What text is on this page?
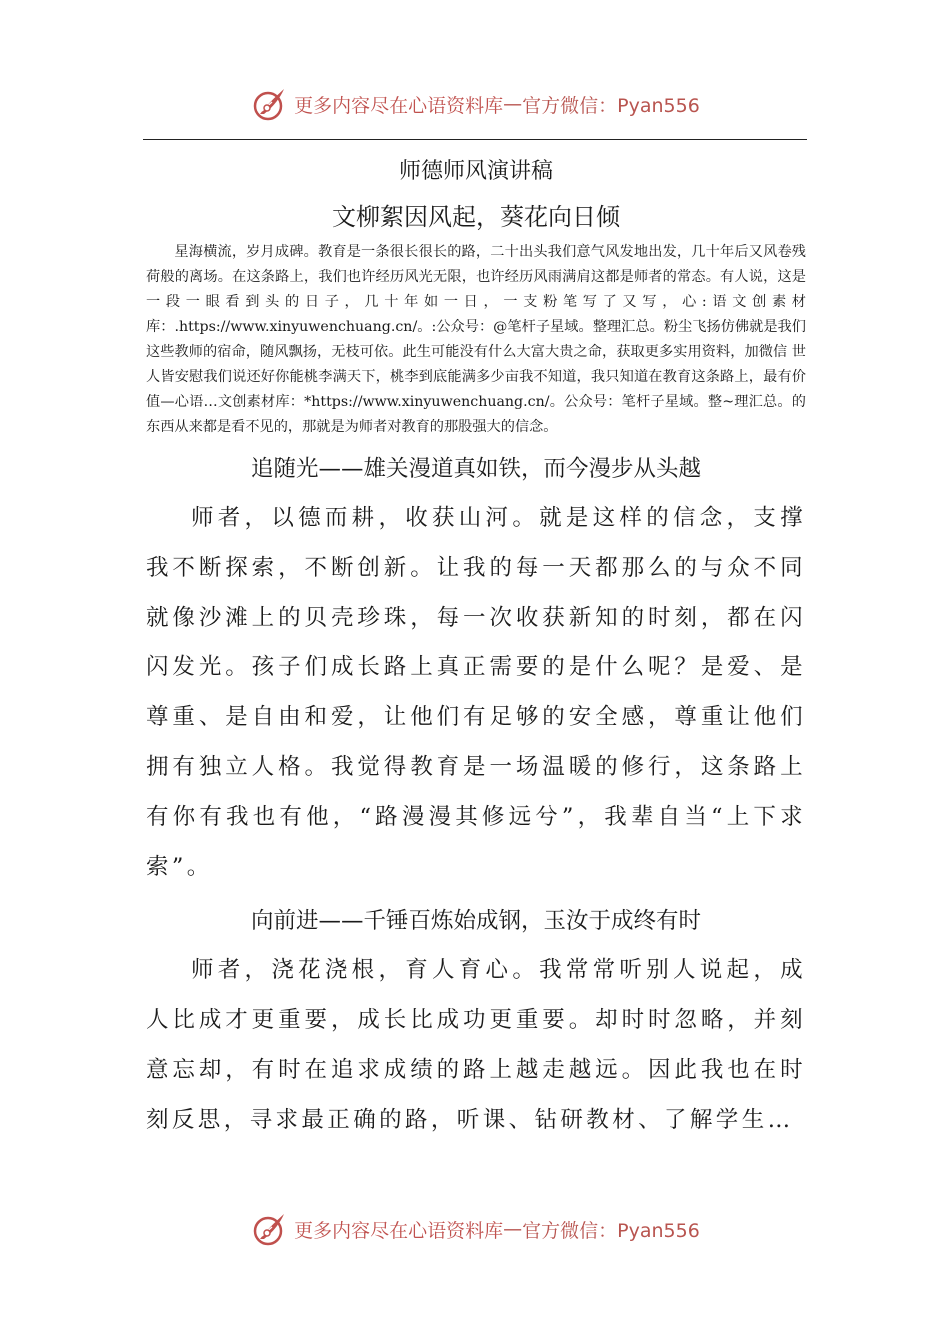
更多内容尽在心语资料库 — 官方微信：Pyan556
师德师风演讲稿
文柳絮因风起，葵花向日倾

星海横流，岁月成碑。教育是一条很长很长的路，二十出头我们意气风发地出发，几十年后又风卷残荷般的离场。在这条路上，我们也许经历风光无限，也许经历风雨满肩这都是师者的常态。有人说，这是一段一眼看到头的日子，几十年如一日，一支粉笔写了又写，心:语文创素材库：.https://www.xinyuwenchuang.cn/。:公众号：@笔杆子星域。整理汇总。粉尘飞扬仿佛就是我们这些教师的宿命，随风飘扬，无枝可依。此生可能没有什么大富大贵之命，获取更多实用资料，加微信 世人皆安慰我们说还好你能桃李满天下，桃李到底能满多少亩我不知道，我只知道在教育这条路上，最有价值—心语…文创素材库：*https://www.xinyuwenchuang.cn/。公众号：笔杆子星域。整~理汇总。的东西从来都是看不见的，那就是为师者对教育的那股强大的信念。

追随光——雄关漫道真如铁，而今漫步从头越

师者，以德而耕，收获山河。就是这样的信念，支撑我不断探索，不断创新。让我的每一天都那么的与众不同就像沙滩上的贝壳珍珠，每一次收获新知的时刻，都在闪闪发光。孩子们成长路上真正需要的是什么呢？是爱、是尊重、是自由和爱，让他们有足够的安全感，尊重让他们拥有独立人格。我觉得教育是一场温暖的修行，这条路上有你有我也有他，“路漫漫其修远兮”，我辈自当“上下求索”。

向前进——千锤百炼始成钢，玉汝于成终有时

师者，浇花浇根，育人育心。我常常听别人说起，成人比成才更重要，成长比成功更重要。却时时忽略，并刻意忘却，有时在追求成绩的路上越走越远。因此我也在时刻反思，寻求最正确的路，听课、钻研教材、了解学生…

更多内容尽在心语资料库 — 官方微信：Pyan556
